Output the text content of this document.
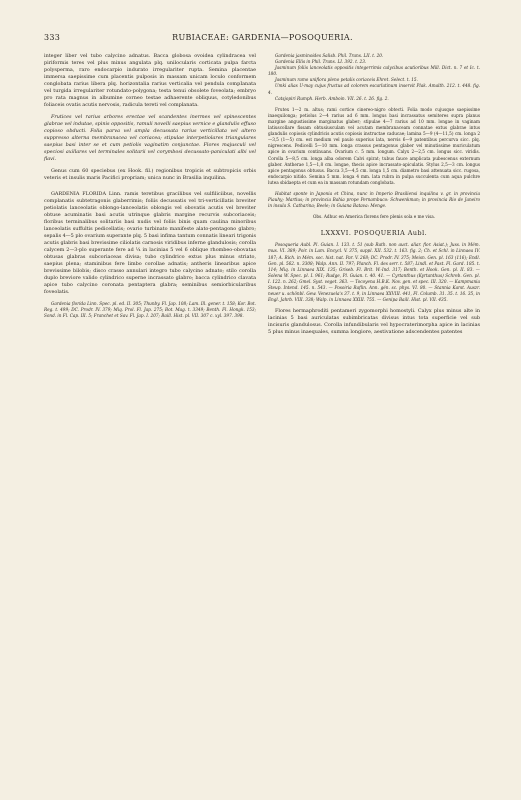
333	RUBIACEAE: GARDENIA—POSOQUERIA.

integer liber vel tubo calycino adnatus. Bacca globosa ovoidea cylindracea vel piriformis teres vel plus minus angulata plq. unilocularis corticata pulpa farcta polysperma, raro endocarpio indurato irregulariter rupta. Semina placentae immersa saepissime cum placentis pulposis in massam unicam loculo conformem conglobata rarius libera plq. horizontalia rarius verticalia vel pendula compIanata vel turgida irregulariter rotundato-polygona; testa tenui obsolete foveolata; embryo pro rata magnus in albumine corneo testae adhaerente obliquus, cotyledonibus foliaceis ovatis acutis nervosis, radicula tereti vel complanata.

Frutices vel rarius arbores erectae vel scandentes inermes vel spinescentes glabrae vel indutae, spinis oppositis, ramuli novelli saepius vernice e glandulis effuso copioso obducti. Folia parva vel ampla decussata rarius verticillata vel altero suppresso alterna membranacea vel coriacea; stipulae interpetiolares triangulares saepius basi inter se et cum petiolis vaginatim conjunctae. Flores majusculi vel speciosi axillares vel terminales solitarii vel corymbosi decussato-paniculati albi vel flavi.

Genus cum 60 speciebus (ex Hook. fil.) regionibus tropicis et subtropicis orbis veteris et insulis maris Pacifici propriam; unica nunc in Brasilia inquilina.

GARDENIA FLORIDA Linn. ramis teretibus gracilibus vel sulfiliciibus, novellis complanatis subtetragonis glaberrimis; foliis decussatis vel tri-verticillatis breviter petiolatis lanceolatis oblongo-lanceolatis oblongis vel obovatis acutis vel breviter obtuse acuminatis basi acutis utrinque glabris margine recurvis subcoriaceis; floribus terminalibus solitariis basi nudis vel foliis binis quam caulina minoribus lanceolatis suffultis pedicellatis; ovario turbinato manifeste alato-pentagono glabro; sepalis 4—5 plo ovarium superante plq. 5 basi infima tantum connatis lineari trigonis acutis glabris basi brevissime ciliolatis carnosis viridibus inferne glandulosis; corolla calycem 2—3-plo superante fere ad ¼ in lacinias 5 vel 6 oblique rhombeo-obovatas obtusas glabras subcoriaceas divisa; tubo cylindrico extus plus minus striato, saepius plena; staminibus fere limbo corollae adnatis; antheris linearibus apice brevissime bilobis; disco crasso annulari integro tubo calycino adnato; stilo corolla duplo breviore valido cylindrico superne incrassato glabro; bacca cylindrico clavata apice tubo calycino coronata pentaptera glabra; seminibus semiorbicularibus foveolatis.

Gardenia florida Linn. Spec. pl. ed. II. 305; Thunby. Fl. Jap. 108; Lam. Ill. gener. t. 158; Kor. Bot. Reg. t. 499; DC. Prodr. IV. 379; Miq. Prol. Fl. Jap. 275; Bot. Mag. t. 3349; Benth. Fl. Hongk. 153; Sond. in Fl. Cap. III. 5; Franchet et Sav. Fl. Jap. I. 207; Baill. Hist. pl. VII. 307 c. xyl. 397. 398.

Gardenia jasminoides Salisb. Phil. Trans. LII. t. 20.

Gardenia Ellis in Phil. Trans. LI. 392. t. 23.

Jasminum foliis lanceolatis oppositis integerrimis calycibus acutioribus Mill. Dict. n. 7 et Ic. t. 180.

Jasminum ramo uniflora pleno petalis coriaceis Ehret. Select. t. 15.

Umki alias U-may cujus fructus ad colorem escarlatinum inservit Plak. Amalth. 212. t. 448. fig. 4.

Catsjopiri Rumph. Herb. Amboin. VII. 26. t. 26. fig. 2.

Frutex 1—2 m. altus; rami cortice cinereo-nigro obtecti. Folia modo cujusque saepissime inaequilonga; petiolus 2—4 rarius ad 6 mm. longus basi incrassatus semiteres supra planus margine angustissime marginatus glaber; stipulae 4—7 rarius ad 10 mm. longae in vaginam latiuscollare fissam obtusiusculam vel acutam membranaceam connatae extus glabrae intus glandulis copiosis cylindricis acutis copiosis instructae caducae; lamina 5—9 (4—11,5) cm. longa 2—3,5 (1—5) cm. est medium vel paulo superius lata, nervis 6—9 patentibus percurva sicc. plq. nigrescens. Pedicelli 5—10 mm. longa crassus pentagonus glaber vel minutissime muriculatum apice in ovarium continuans. Ovarium c. 5 mm. longum. Calyx 2—2,5 cm. longus sicc. viridis. Corolla 5—8,5 cm. longa alba odorem Calvi spirat; tubus fauce amplicata pubescenus externum glaber. Antherae 1,5—1,8 cm. longae, thecis apice incrassato-apiculatis. Stylus 2,5—3 cm. longus apice pentagonus obtusus. Bacca 3,5—4,5 cm. longa 1,5 cm. diametro basi attenuata sicc. rugosa, endocarpio nitido. Semina 5 mm. longa 4 mm. lata rubra in pulpa succulenta cum aqua pulchre lutea sbidaepta et cum ea in massam rotundam conglobata.

Habitat sponte in Japonia et China, nunc in Imperio Brasiliensi inquilina v. gr. in provincia Piauhy; Martius; in provincia Bahia prope Pernambuco: Schwenkman; in provincia Rio de Janeiro in insula S. Catharina; Beele; in Guiana Batava: Menge.

Obs. Adhuc en America florens fere plenis sola e me visa.

LXXXVI. POSOQUERIA Aubl.

Posoqueria Aubl. Pl. Guian. I. 133. t. 51 (sub Rath. non auct. aliar. flor. Asiat.); Juss. in Mém. mus. VI. 389; Poir. in Lam. Encycl. V. 375, suppl. XII. 532. t. 163. fig. 2; Ch. et Schl. in Linnaea IV. 187; A. Rich. in Mém. soc. hist. nat. Par. V. 268; DC. Prodr. IV. 375; Meisn. Gen. pl. 163 (116); Endl. Gen. pl. 562. n. 3308; Walp. Ann. II. 797; Planch. Fl. des serr. t. 587; Lindl. et Past. Fl. Gard. 185. t. 114; Miq. in Linnaea XIX. 135; Griseb. Fl. Brit. W.-Ind. 317; Benth. et Hook. Gen. pl. II. 83. — Solena W. Spec. pl. I. 961; Rudge, Pl. Guian. t. 40. 41. — Cyrtanthus (Kyrtanthus) Schreb. Gen. pl. I. 122. n. 262; Gmel. Syst. veget. 363. — Tocoyena H.B.K. Nov. gen. et spec. III. 320. — Kampmania Steup. Intend. 145. n. 543. — Posoiria Raflin. Ann. gén. sc. phys. VI. 80. — Stannia Karst. Auszr. neuer u. schönbl. Gew. Venezuela's 37. t. 9, in Linnaea XXVIII. 441, Fl. Columb. 31. 35. t. 16. 35, in Engl. Jahrb. VIII. 338; Walp. in Linnaea XXIII. 755. — Genipa Baill. Hist. pl. VII. 435.

Flores hermaphroditi pentameri zygomorphi homostyli. Calyx plus minus alte in lacinias 5 basi auriculatas subimbricatas divisus intus tota superficie vel sub incisuris glandulosus. Corolla infundibularis vel hypocraterimorpha apice in lacinias 5 plus minus inaequales, summa longiore, aestivatione adscendentes patentes
